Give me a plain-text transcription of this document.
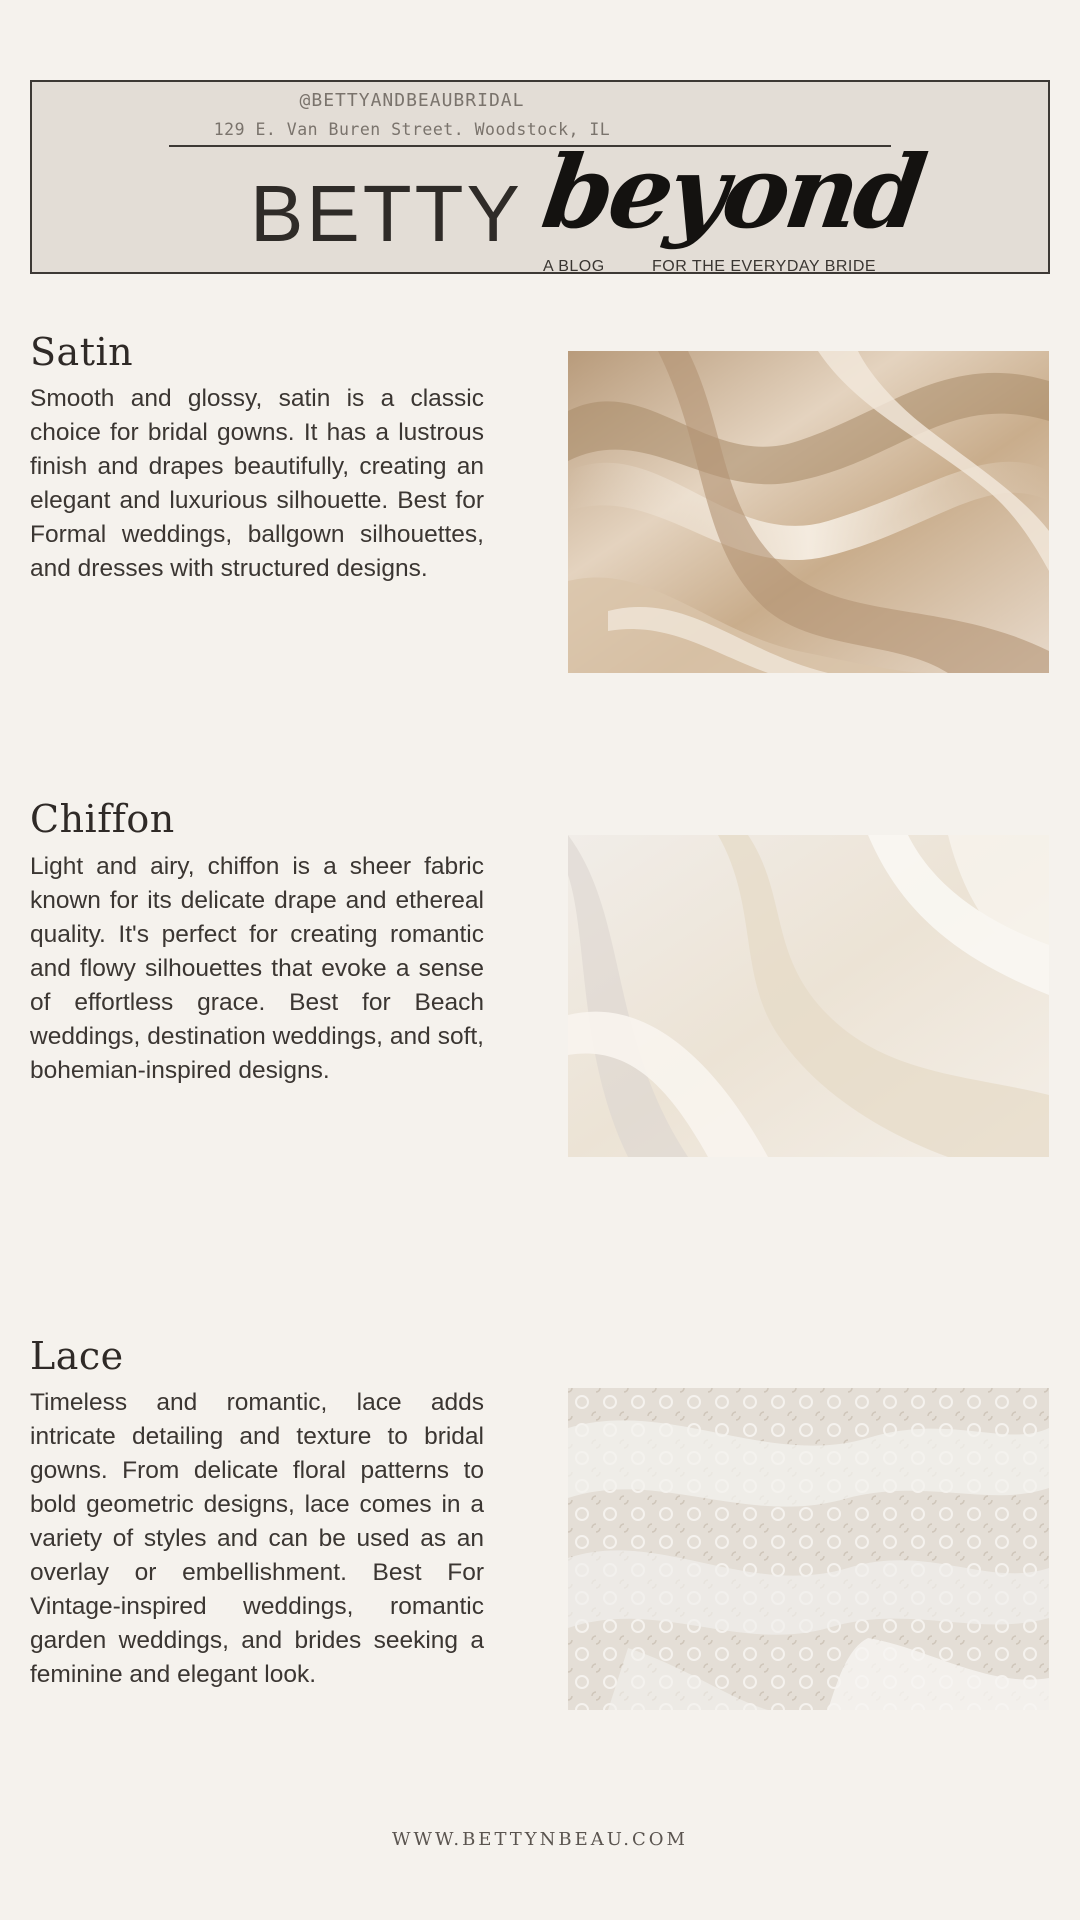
@BETTYANDBEAUBRIDAL
129 E. Van Buren Street. Woodstock, IL
BETTY beyond
A BLOG	FOR THE EVERYDAY BRIDE
Satin

Smooth and glossy, satin is a classic choice for bridal gowns. It has a lustrous finish and drapes beautifully, creating an elegant and luxurious silhouette. Best for Formal weddings, ballgown silhouettes, and dresses with structured designs.

Chiffon

Light and airy, chiffon is a sheer fabric known for its delicate drape and ethereal quality. It's perfect for creating romantic and flowy silhouettes that evoke a sense of effortless grace. Best for Beach weddings, destination weddings, and soft, bohemian-inspired designs.

Lace

Timeless and romantic, lace adds intricate detailing and texture to bridal gowns. From delicate floral patterns to bold geometric designs, lace comes in a variety of styles and can be used as an overlay or embellishment. Best For Vintage-inspired weddings, romantic garden weddings, and brides seeking a feminine and elegant look.

WWW.BETTYNBEAU.COM
